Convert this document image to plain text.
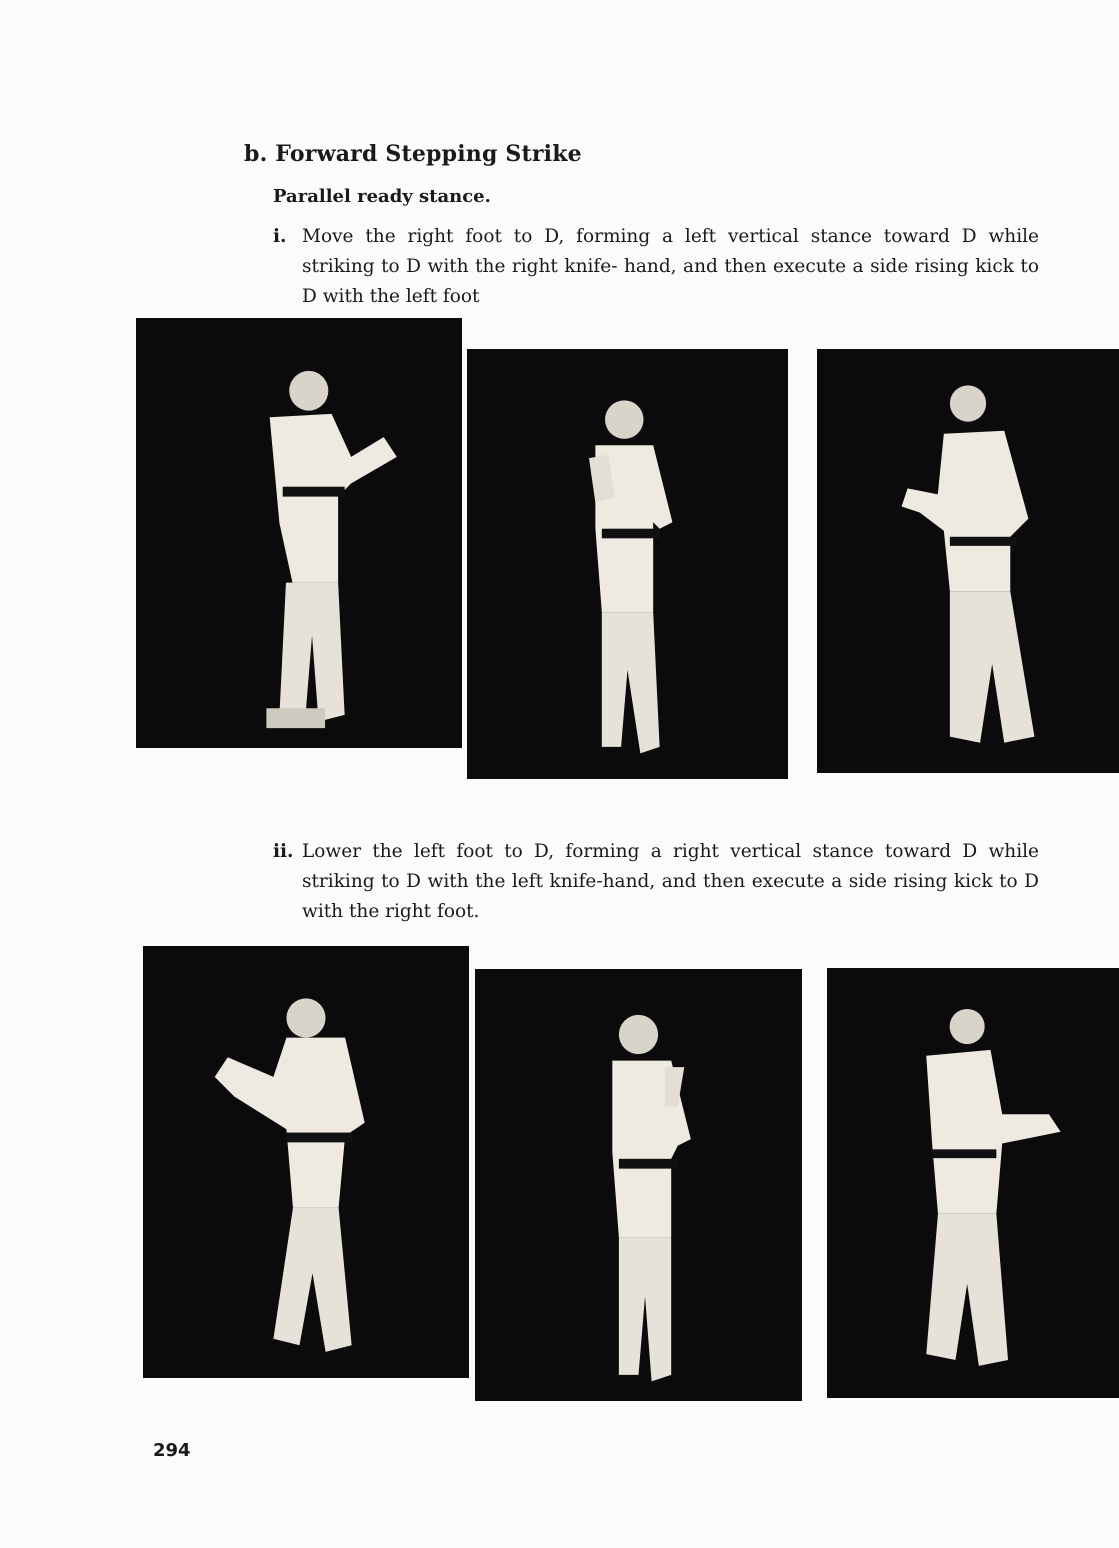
b. Forward Stepping Strike

Parallel ready stance.

i. Move the right foot to D, forming a left vertical stance toward D while striking to D with the right knife- hand, and then execute a side rising kick to D with the left foot
ii. Lower the left foot to D, forming a right vertical stance toward D while striking to D with the left knife-hand, and then execute a side rising kick to D with the right foot.
294
